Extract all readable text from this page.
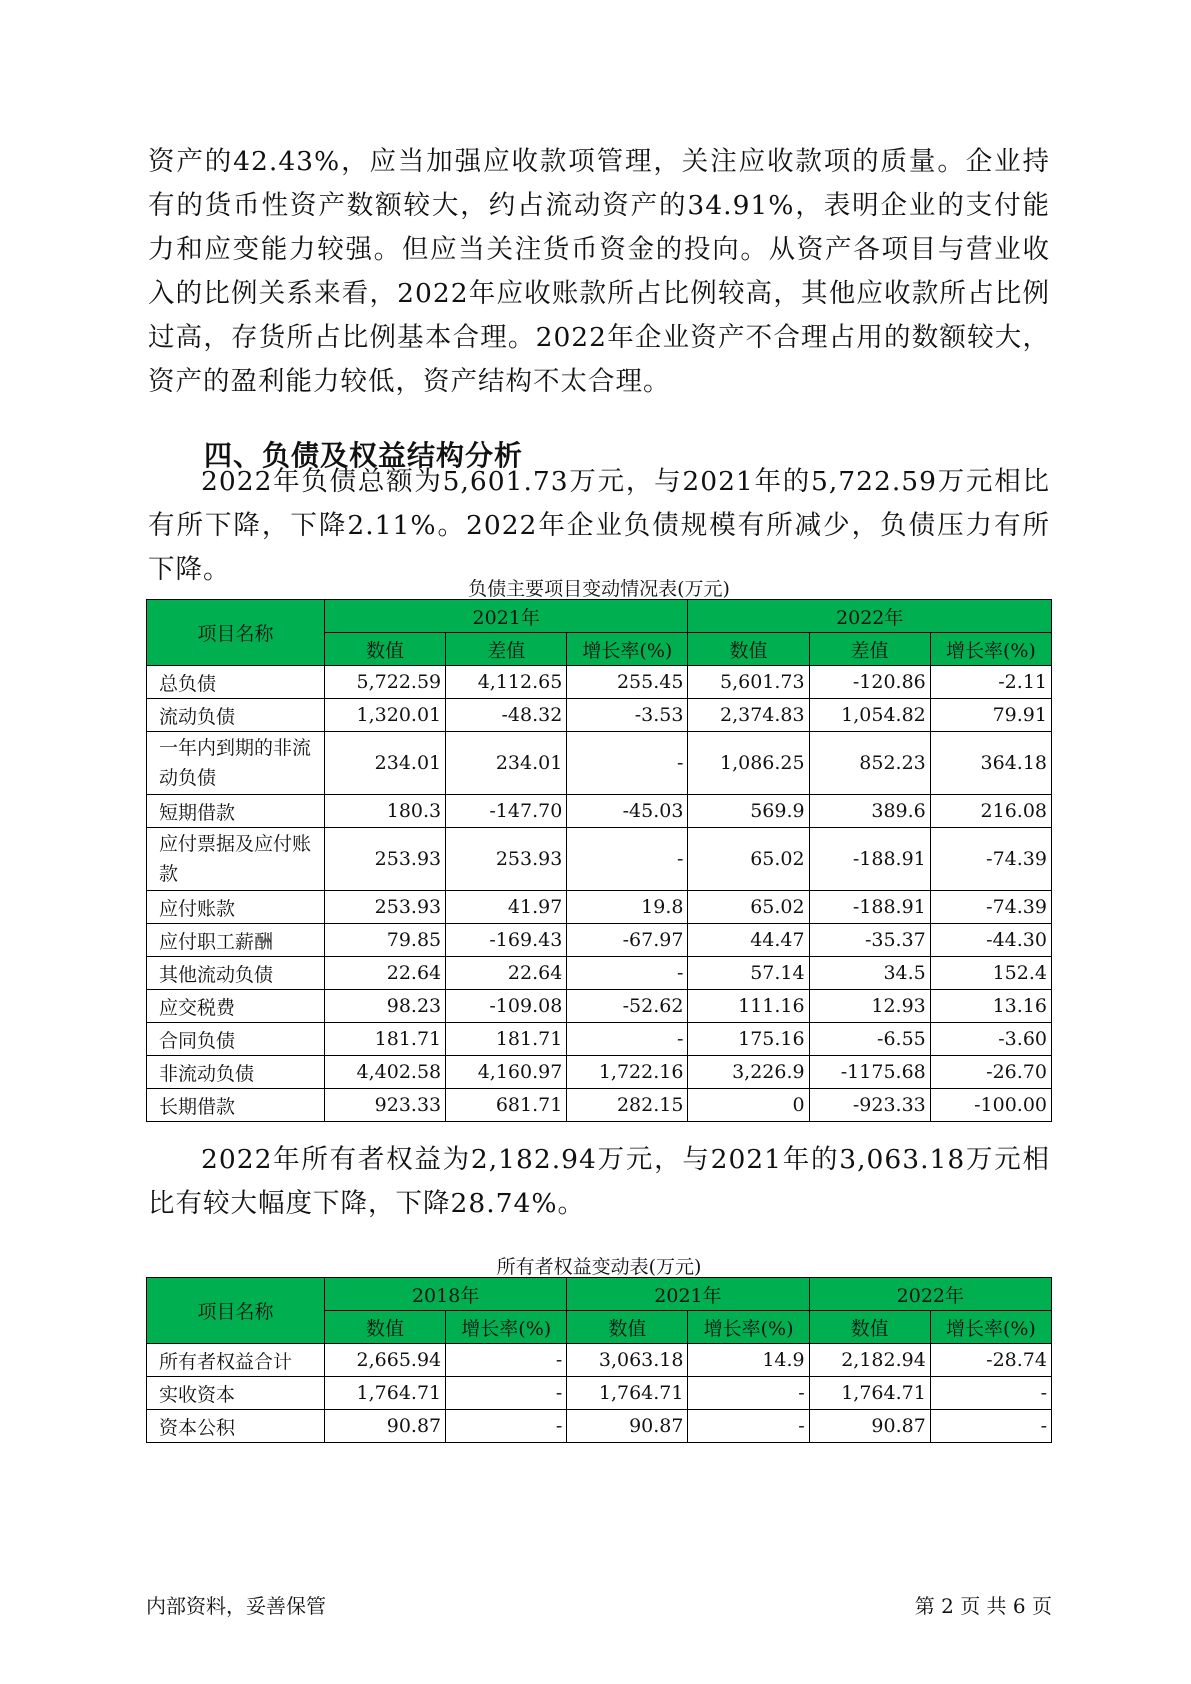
资产的42.43%，应当加强应收款项管理，关注应收款项的质量。企业持有的货币性资产数额较大，约占流动资产的34.91%，表明企业的支付能力和应变能力较强。但应当关注货币资金的投向。从资产各项目与营业收入的比例关系来看，2022年应收账款所占比例较高，其他应收款所占比例过高，存货所占比例基本合理。2022年企业资产不合理占用的数额较大，资产的盈利能力较低，资产结构不太合理。

四、负债及权益结构分析

2022年负债总额为5,601.73万元，与2021年的5,722.59万元相比有所下降，下降2.11%。2022年企业负债规模有所减少，负债压力有所下降。

负债主要项目变动情况表(万元)

项目名称	2021年			2022年		
	数值	差值	增长率(%)	数值	差值	增长率(%)
总负债	5,722.59	4,112.65	255.45	5,601.73	-120.86	-2.11
流动负债	1,320.01	-48.32	-3.53	2,374.83	1,054.82	79.91
一年内到期的非流动负债	234.01	234.01	-	1,086.25	852.23	364.18
短期借款	180.3	-147.70	-45.03	569.9	389.6	216.08
应付票据及应付账款	253.93	253.93	-	65.02	-188.91	-74.39
应付账款	253.93	41.97	19.8	65.02	-188.91	-74.39
应付职工薪酬	79.85	-169.43	-67.97	44.47	-35.37	-44.30
其他流动负债	22.64	22.64	-	57.14	34.5	152.4
应交税费	98.23	-109.08	-52.62	111.16	12.93	13.16
合同负债	181.71	181.71	-	175.16	-6.55	-3.60
非流动负债	4,402.58	4,160.97	1,722.16	3,226.9	-1175.68	-26.70
长期借款	923.33	681.71	282.15	0	-923.33	-100.00

2022年所有者权益为2,182.94万元，与2021年的3,063.18万元相比有较大幅度下降，下降28.74%。

所有者权益变动表(万元)

项目名称	2018年		2021年		2022年	
	数值	增长率(%)	数值	增长率(%)	数值	增长率(%)
所有者权益合计	2,665.94	-	3,063.18	14.9	2,182.94	-28.74
实收资本	1,764.71	-	1,764.71	-	1,764.71	-
资本公积	90.87	-	90.87	-	90.87	-
内部资料，妥善保管	第 2 页 共 6 页
